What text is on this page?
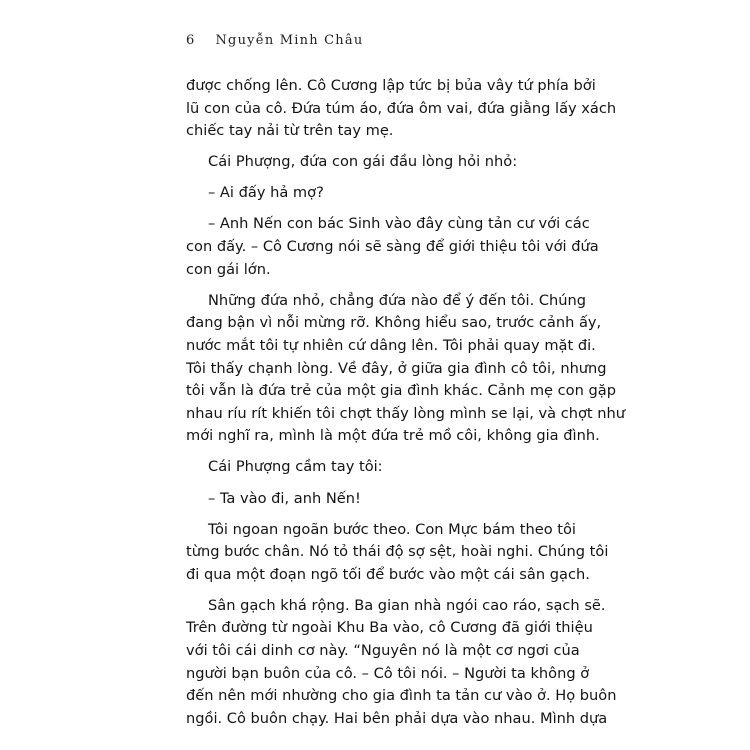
6 Nguyễn Minh Châu
được chống lên. Cô Cương lập tức bị bủa vây tứ phía bởi
lũ con của cô. Đứa túm áo, đứa ôm vai, đứa giằng lấy xách
chiếc tay nải từ trên tay mẹ.
Cái Phượng, đứa con gái đầu lòng hỏi nhỏ:
– Ai đấy hả mợ?
– Anh Nến con bác Sinh vào đây cùng tản cư với các
con đấy. – Cô Cương nói sẽ sàng để giới thiệu tôi với đứa
con gái lớn.
Những đứa nhỏ, chẳng đứa nào để ý đến tôi. Chúng
đang bận vì nỗi mừng rỡ. Không hiểu sao, trước cảnh ấy,
nước mắt tôi tự nhiên cứ dâng lên. Tôi phải quay mặt đi.
Tôi thấy chạnh lòng. Về đây, ở giữa gia đình cô tôi, nhưng
tôi vẫn là đứa trẻ của một gia đình khác. Cảnh mẹ con gặp
nhau ríu rít khiến tôi chợt thấy lòng mình se lại, và chợt như
mới nghĩ ra, mình là một đứa trẻ mồ côi, không gia đình.
Cái Phượng cầm tay tôi:
– Ta vào đi, anh Nến!
Tôi ngoan ngoãn bước theo. Con Mực bám theo tôi
từng bước chân. Nó tỏ thái độ sợ sệt, hoài nghi. Chúng tôi
đi qua một đoạn ngõ tối để bước vào một cái sân gạch.
Sân gạch khá rộng. Ba gian nhà ngói cao ráo, sạch sẽ.
Trên đường từ ngoài Khu Ba vào, cô Cương đã giới thiệu
với tôi cái dinh cơ này. “Nguyên nó là một cơ ngơi của
người bạn buôn của cô. – Cô tôi nói. – Người ta không ở
đến nên mới nhường cho gia đình ta tản cư vào ở. Họ buôn
ngồi. Cô buôn chạy. Hai bên phải dựa vào nhau. Mình dựa
